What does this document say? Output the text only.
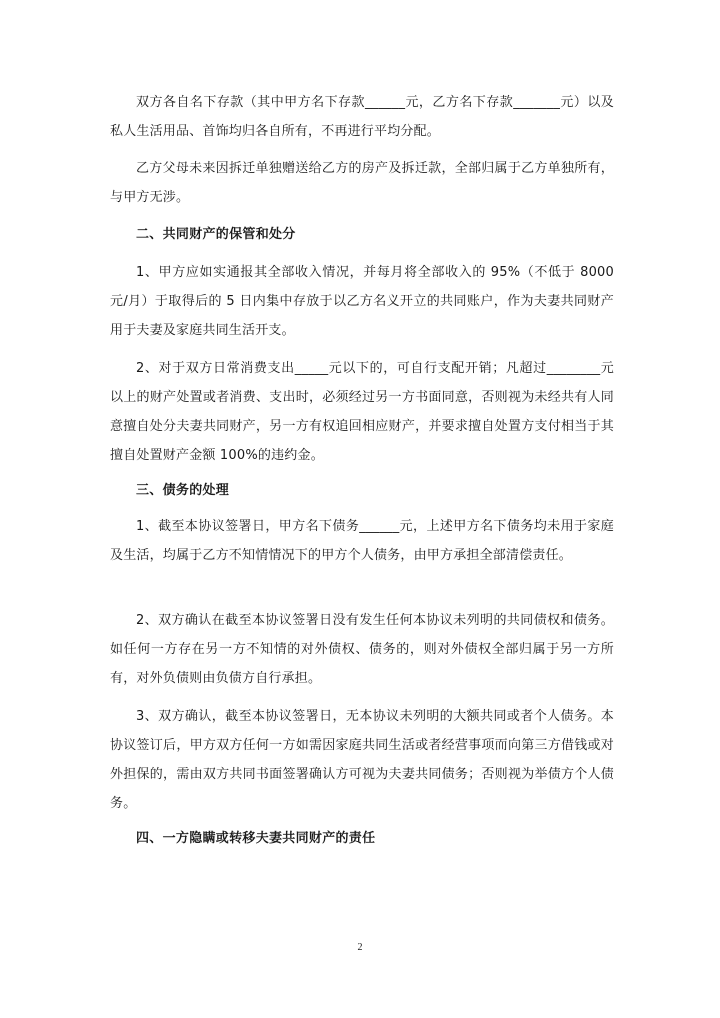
双方各自名下存款（其中甲方名下存款______元，乙方名下存款_______元）以及私人生活用品、首饰均归各自所有，不再进行平均分配。

乙方父母未来因拆迁单独赠送给乙方的房产及拆迁款，全部归属于乙方单独所有，与甲方无涉。

二、共同财产的保管和处分

1、甲方应如实通报其全部收入情况，并每月将全部收入的 95%（不低于 8000 元/月）于取得后的 5 日内集中存放于以乙方名义开立的共同账户，作为夫妻共同财产用于夫妻及家庭共同生活开支。

2、对于双方日常消费支出_____元以下的，可自行支配开销；凡超过________元以上的财产处置或者消费、支出时，必须经过另一方书面同意，否则视为未经共有人同意擅自处分夫妻共同财产，另一方有权追回相应财产，并要求擅自处置方支付相当于其擅自处置财产金额 100%的违约金。

三、债务的处理

1、截至本协议签署日，甲方名下债务______元，上述甲方名下债务均未用于家庭及生活，均属于乙方不知情情况下的甲方个人债务，由甲方承担全部清偿责任。

2、双方确认在截至本协议签署日没有发生任何本协议未列明的共同债权和债务。如任何一方存在另一方不知情的对外债权、债务的，则对外债权全部归属于另一方所有，对外负债则由负债方自行承担。

3、双方确认，截至本协议签署日，无本协议未列明的大额共同或者个人债务。本协议签订后，甲方双方任何一方如需因家庭共同生活或者经营事项而向第三方借钱或对外担保的，需由双方共同书面签署确认方可视为夫妻共同债务；否则视为举债方个人债务。

四、一方隐瞒或转移夫妻共同财产的责任

2
